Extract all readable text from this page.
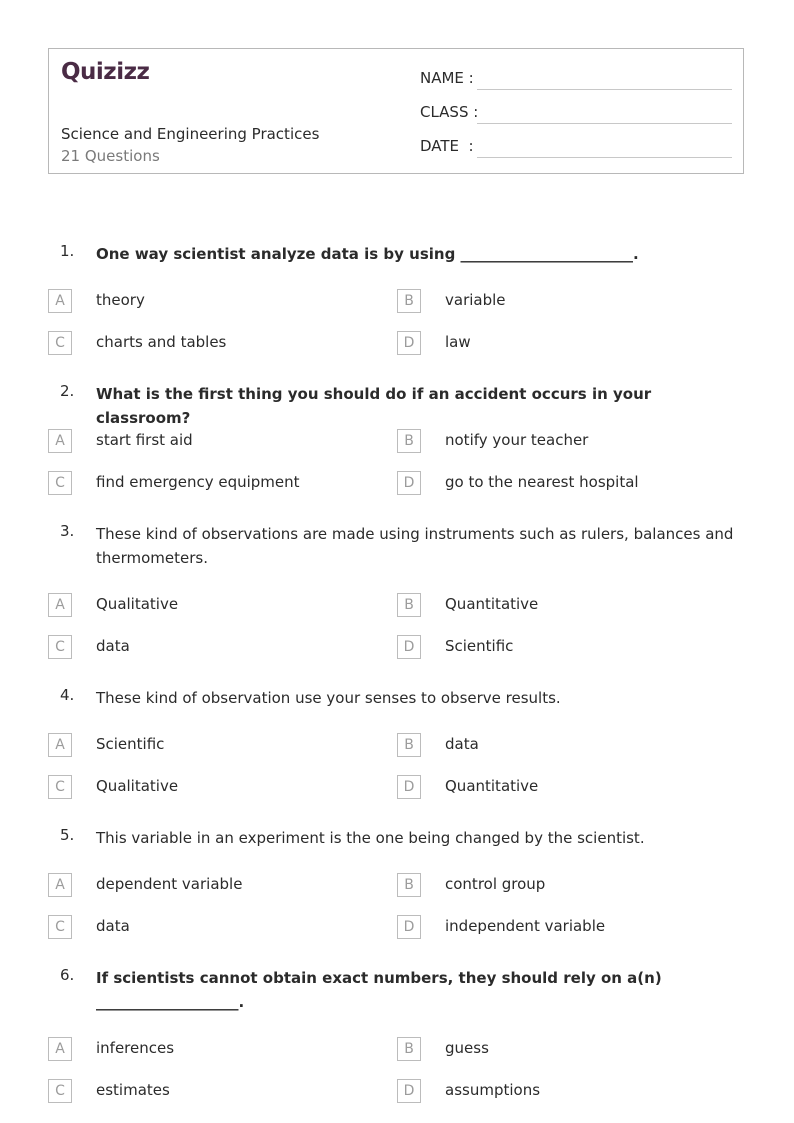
Quizizz
Science and Engineering Practices
21 Questions
NAME :
CLASS :
DATE  :
1. One way scientist analyze data is by using _______________________.
A	theory	B	variable
C	charts and tables	D	law
2. What is the first thing you should do if an accident occurs in your classroom?
A	start first aid	B	notify your teacher
C	find emergency equipment	D	go to the nearest hospital
3. These kind of observations are made using instruments such as rulers, balances and thermometers.
A	Qualitative	B	Quantitative
C	data	D	Scientific
4. These kind of observation use your senses to observe results.
A	Scientific	B	data
C	Qualitative	D	Quantitative
5. This variable in an experiment is the one being changed by the scientist.
A	dependent variable	B	control group
C	data	D	independent variable
6. If scientists cannot obtain exact numbers, they should rely on a(n) ___________________.
A	inferences	B	guess
C	estimates	D	assumptions
